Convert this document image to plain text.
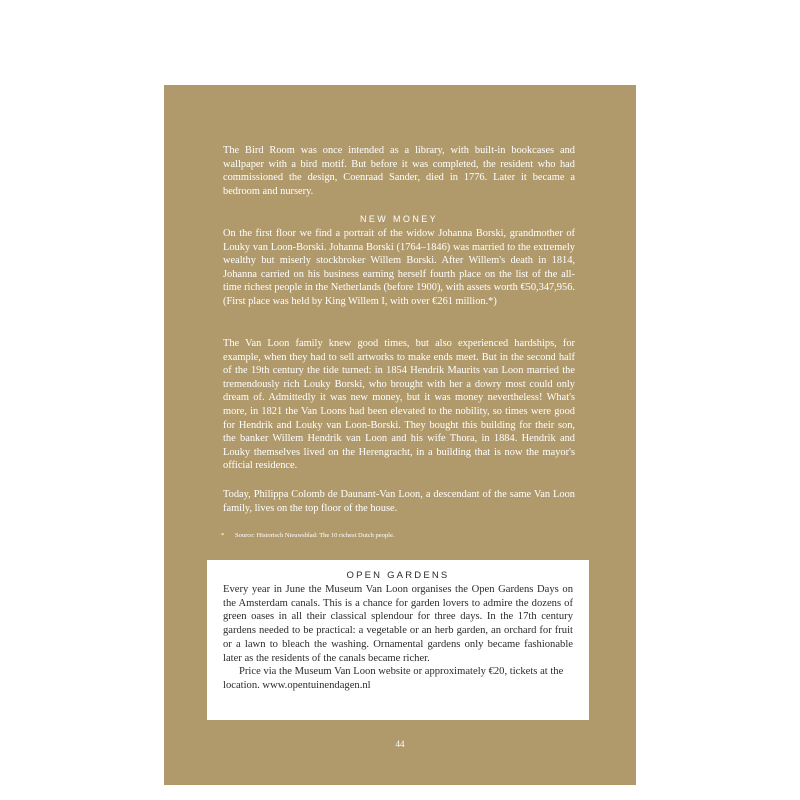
The Bird Room was once intended as a library, with built-in bookcases and wallpaper with a bird motif. But before it was completed, the resident who had commissioned the design, Coenraad Sander, died in 1776. Later it became a bedroom and nursery.

NEW MONEY

On the first floor we find a portrait of the widow Johanna Borski, grandmother of Louky van Loon-Borski. Johanna Borski (1764–1846) was married to the extremely wealthy but miserly stockbroker Willem Borski. After Willem's death in 1814, Johanna carried on his business earning herself fourth place on the list of the all-time richest people in the Netherlands (before 1900), with assets worth €50,347,956. (First place was held by King Willem I, with over €261 million.*)

The Van Loon family knew good times, but also experienced hardships, for example, when they had to sell artworks to make ends meet. But in the second half of the 19th century the tide turned: in 1854 Hendrik Maurits van Loon married the tremendously rich Louky Borski, who brought with her a dowry most could only dream of. Admittedly it was new money, but it was money nevertheless! What's more, in 1821 the Van Loons had been elevated to the nobility, so times were good for Hendrik and Louky van Loon-Borski. They bought this building for their son, the banker Willem Hendrik van Loon and his wife Thora, in 1884. Hendrik and Louky themselves lived on the Herengracht, in a building that is now the mayor's official residence.

Today, Philippa Colomb de Daunant-Van Loon, a descendant of the same Van Loon family, lives on the top floor of the house.

* Source: Historisch Nieuwsblad: The 10 richest Dutch people.
OPEN GARDENS

Every year in June the Museum Van Loon organises the Open Gardens Days on the Amsterdam canals. This is a chance for garden lovers to admire the dozens of green oases in all their classical splendour for three days. In the 17th century gardens needed to be practical: a vegetable or an herb garden, an orchard for fruit or a lawn to bleach the washing. Ornamental gardens only became fashionable later as the residents of the canals became richer.

Price via the Museum Van Loon website or approximately €20, tickets at the location. www.opentuinendagen.nl

44
